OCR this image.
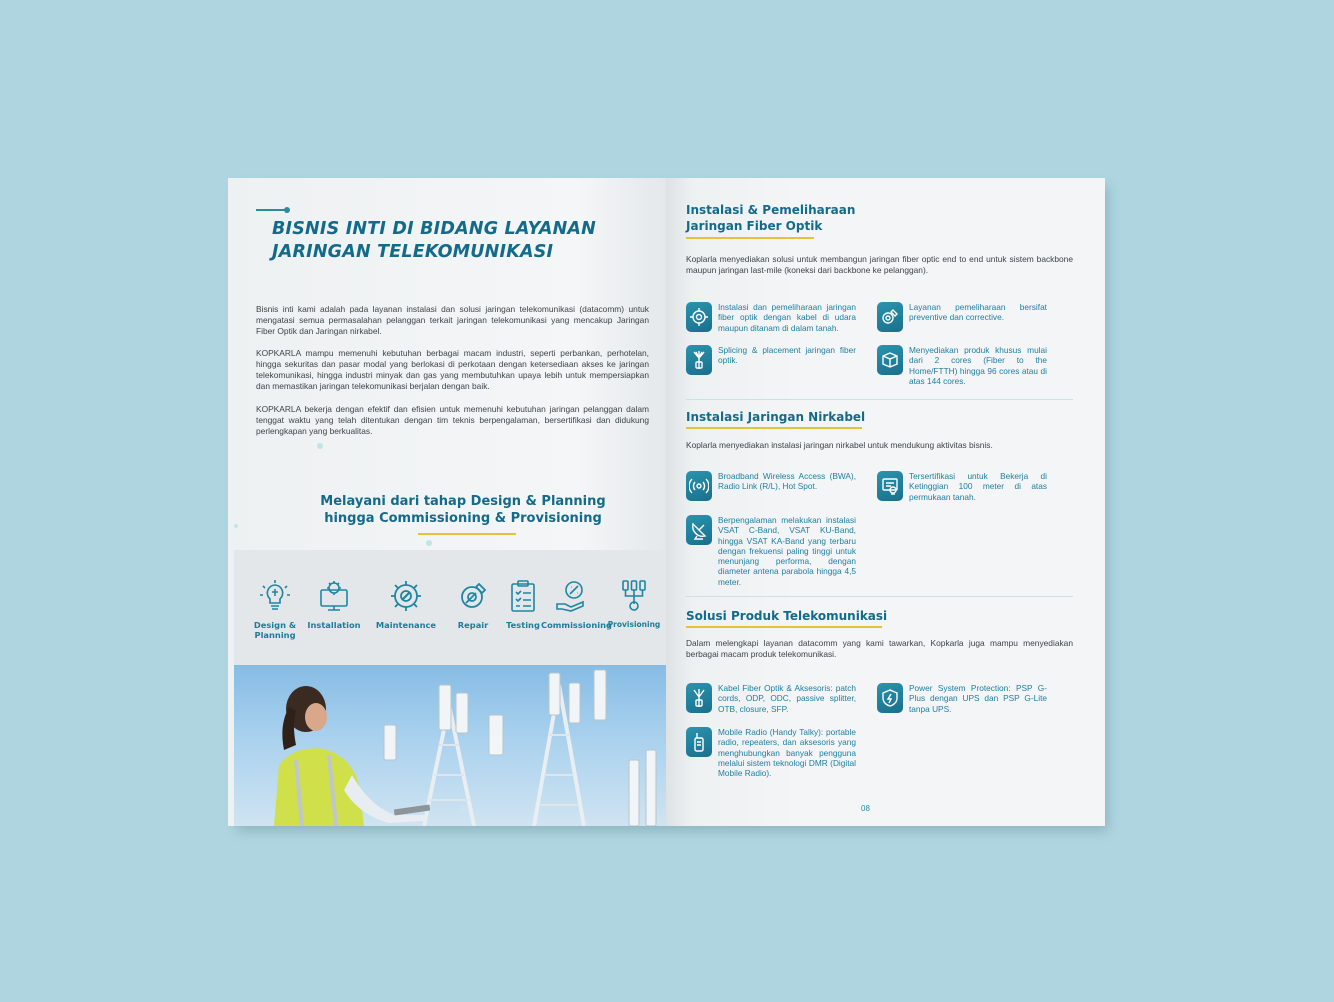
BISNIS INTI DI BIDANG LAYANAN
JARINGAN TELEKOMUNIKASI
Bisnis inti kami adalah pada layanan instalasi dan solusi jaringan telekomunikasi (datacomm) untuk mengatasi semua permasalahan pelanggan terkait jaringan telekomunikasi yang mencakup Jaringan Fiber Optik dan Jaringan nirkabel.
KOPKARLA mampu memenuhi kebutuhan berbagai macam industri, seperti perbankan, perhotelan, hingga sekuritas dan pasar modal yang berlokasi di perkotaan dengan ketersediaan akses ke jaringan telekomunikasi, hingga industri minyak dan gas yang membutuhkan upaya lebih untuk mempersiapkan dan memastikan jaringan telekomunikasi berjalan dengan baik.
KOPKARLA bekerja dengan efektif dan efisien untuk memenuhi kebutuhan jaringan pelanggan dalam tenggat waktu yang telah ditentukan dengan tim teknis berpengalaman, bersertifikasi dan didukung perlengkapan yang berkualitas.
Melayani dari tahap Design & Planning
hingga Commissioning & Provisioning
Design & Planning
Installation	Maintenance	Repair	Testing Commissioning
Provisioning
07
Instalasi & Pemeliharaan
Jaringan Fiber Optik
Koplarla menyediakan solusi untuk membangun jaringan fiber optic end to end untuk sistem backbone maupun jaringan last-mile (koneksi dari backbone ke pelanggan).
Instalasi dan pemeliharaan jaringan fiber optik dengan kabel di udara maupun ditanam di dalam tanah.
Layanan pemeliharaan bersifat preventive dan corrective.
Splicing & placement jaringan fiber optik.
Menyediakan produk khusus mulai dari 2 cores (Fiber to the Home/FTTH) hingga 96 cores atau di atas 144 cores.
Instalasi Jaringan Nirkabel
Koplarla menyediakan instalasi jaringan nirkabel untuk mendukung aktivitas bisnis.
Broadband Wireless Access (BWA), Radio Link (R/L), Hot Spot.
Tersertifikasi untuk Bekerja di Ketinggian 100 meter di atas permukaan tanah.
Berpengalaman melakukan instalasi VSAT C-Band, VSAT KU-Band, hingga VSAT KA-Band yang terbaru dengan frekuensi paling tinggi untuk menunjang performa, dengan diameter antena parabola hingga 4,5 meter.
Solusi Produk Telekomunikasi
Dalam melengkapi layanan datacomm yang kami tawarkan, Kopkarla juga mampu menyediakan berbagai macam produk telekomunikasi.
Kabel Fiber Optik & Aksesoris: patch cords, ODP, ODC, passive splitter, OTB, closure, SFP.
Power System Protection: PSP G-Plus dengan UPS dan PSP G-Lite tanpa UPS.
Mobile Radio (Handy Talky): portable radio, repeaters, dan aksesoris yang menghubungkan banyak pengguna melalui sistem teknologi DMR (Digital Mobile Radio).
08
